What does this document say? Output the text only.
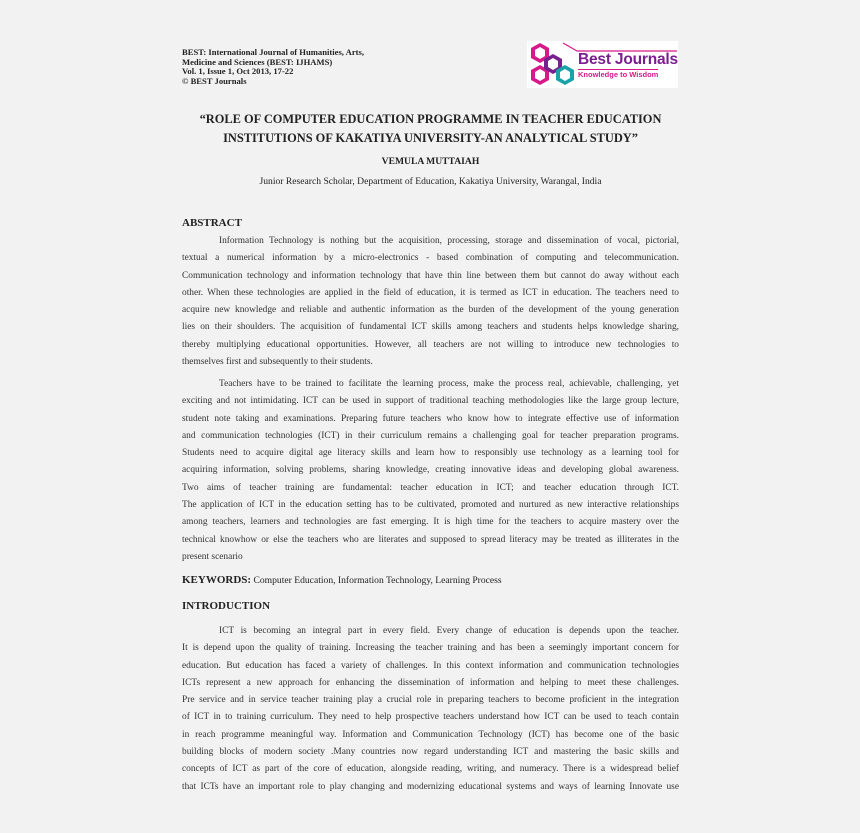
BEST: International Journal of Humanities, Arts,
Medicine and Sciences (BEST: IJHAMS)
Vol. 1, Issue 1, Oct 2013, 17-22
© BEST Journals
Best Journals
Knowledge to Wisdom
“ROLE OF COMPUTER EDUCATION PROGRAMME IN TEACHER EDUCATION
INSTITUTIONS OF KAKATIYA UNIVERSITY-AN ANALYTICAL STUDY”
VEMULA MUTTAIAH
Junior Research Scholar, Department of Education, Kakatiya University, Warangal, India
ABSTRACT
Information Technology is nothing but the acquisition, processing, storage and dissemination of vocal, pictorial,
textual a numerical information by a micro-electronics - based combination of computing and telecommunication.
Communication technology and information technology that have thin line between them but cannot do away without each
other. When these technologies are applied in the field of education, it is termed as ICT in education. The teachers need to
acquire new knowledge and reliable and authentic information as the burden of the development of the young generation
lies on their shoulders. The acquisition of fundamental ICT skills among teachers and students helps knowledge sharing,
thereby multiplying educational opportunities. However, all teachers are not willing to introduce new technologies to
themselves first and subsequently to their students.
Teachers have to be trained to facilitate the learning process, make the process real, achievable, challenging, yet
exciting and not intimidating. ICT can be used in support of traditional teaching methodologies like the large group lecture,
student note taking and examinations. Preparing future teachers who know how to integrate effective use of information
and communication technologies (ICT) in their curriculum remains a challenging goal for teacher preparation programs.
Students need to acquire digital age literacy skills and learn how to responsibly use technology as a learning tool for
acquiring information, solving problems, sharing knowledge, creating innovative ideas and developing global awareness.
Two aims of teacher training are fundamental: teacher education in ICT; and teacher education through ICT.
The application of ICT in the education setting has to be cultivated, promoted and nurtured as new interactive relationships
among teachers, learners and technologies are fast emerging. It is high time for the teachers to acquire mastery over the
technical knowhow or else the teachers who are literates and supposed to spread literacy may be treated as illiterates in the
present scenario
KEYWORDS: Computer Education, Information Technology, Learning Process
INTRODUCTION
ICT is becoming an integral part in every field. Every change of education is depends upon the teacher.
It is depend upon the quality of training. Increasing the teacher training and has been a seemingly important concern for
education. But education has faced a variety of challenges. In this context information and communication technologies
ICTs represent a new approach for enhancing the dissemination of information and helping to meet these challenges.
Pre service and in service teacher training play a crucial role in preparing teachers to become proficient in the integration
of ICT in to training curriculum. They need to help prospective teachers understand how ICT can be used to teach contain
in reach programme meaningful way. Information and Communication Technology (ICT) has become one of the basic
building blocks of modern society .Many countries now regard understanding ICT and mastering the basic skills and
concepts of ICT as part of the core of education, alongside reading, writing, and numeracy. There is a widespread belief
that ICTs have an important role to play changing and modernizing educational systems and ways of learning Innovate use
